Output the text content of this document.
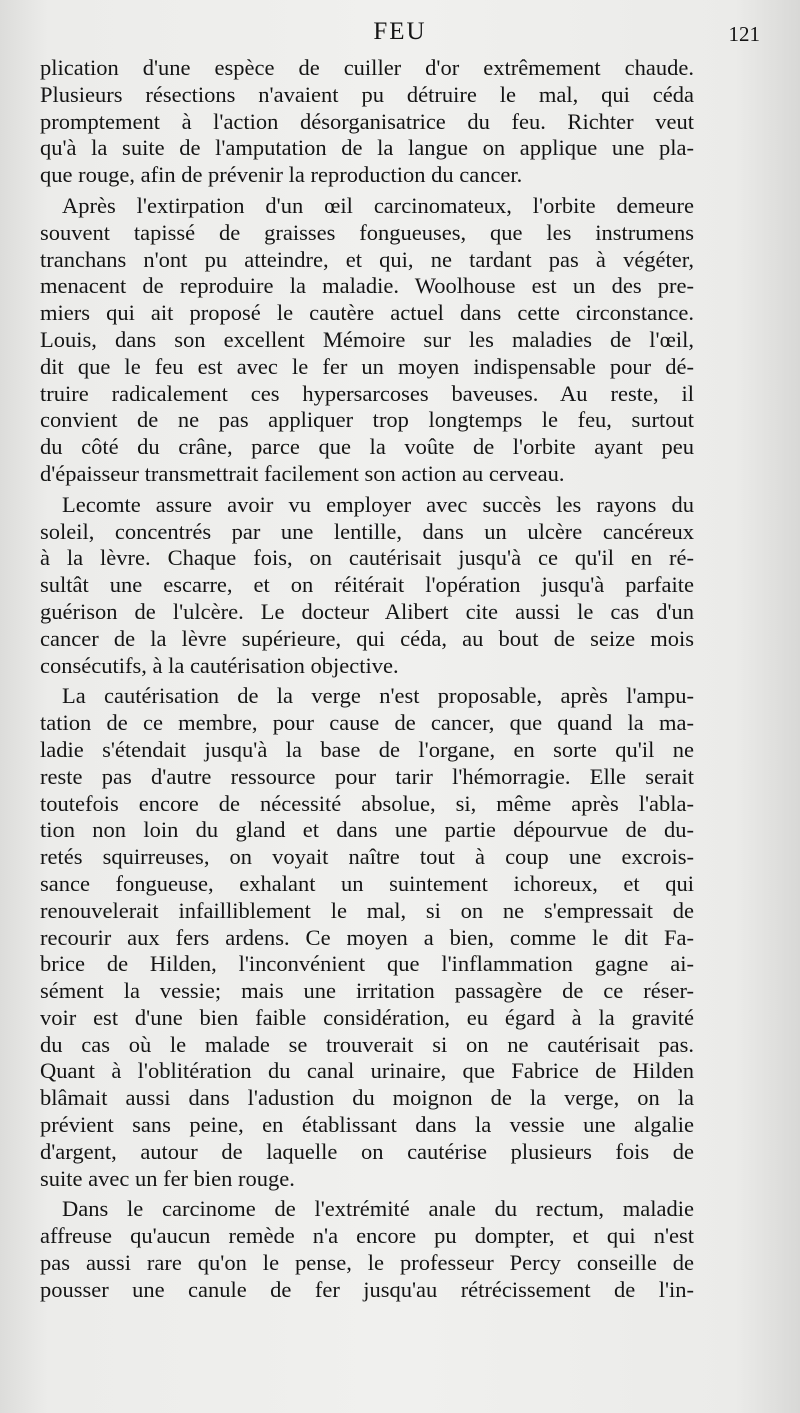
FEU	121
plication d'une espèce de cuiller d'or extrêmement chaude.
Plusieurs résections n'avaient pu détruire le mal, qui céda
promptement à l'action désorganisatrice du feu. Richter veut
qu'à la suite de l'amputation de la langue on applique une pla-
que rouge, afin de prévenir la reproduction du cancer.
Après l'extirpation d'un œil carcinomateux, l'orbite demeure
souvent tapissé de graisses fongueuses, que les instrumens
tranchans n'ont pu atteindre, et qui, ne tardant pas à végéter,
menacent de reproduire la maladie. Woolhouse est un des pre-
miers qui ait proposé le cautère actuel dans cette circonstance.
Louis, dans son excellent Mémoire sur les maladies de l'œil,
dit que le feu est avec le fer un moyen indispensable pour dé-
truire radicalement ces hypersarcoses baveuses. Au reste, il
convient de ne pas appliquer trop longtemps le feu, surtout
du côté du crâne, parce que la voûte de l'orbite ayant peu
d'épaisseur transmettrait facilement son action au cerveau.
Lecomte assure avoir vu employer avec succès les rayons du
soleil, concentrés par une lentille, dans un ulcère cancéreux
à la lèvre. Chaque fois, on cautérisait jusqu'à ce qu'il en ré-
sultât une escarre, et on réitérait l'opération jusqu'à parfaite
guérison de l'ulcère. Le docteur Alibert cite aussi le cas d'un
cancer de la lèvre supérieure, qui céda, au bout de seize mois
consécutifs, à la cautérisation objective.
La cautérisation de la verge n'est proposable, après l'ampu-
tation de ce membre, pour cause de cancer, que quand la ma-
ladie s'étendait jusqu'à la base de l'organe, en sorte qu'il ne
reste pas d'autre ressource pour tarir l'hémorragie. Elle serait
toutefois encore de nécessité absolue, si, même après l'abla-
tion non loin du gland et dans une partie dépourvue de du-
retés squirreuses, on voyait naître tout à coup une excrois-
sance fongueuse, exhalant un suintement ichoreux, et qui
renouvelerait infailliblement le mal, si on ne s'empressait de
recourir aux fers ardens. Ce moyen a bien, comme le dit Fa-
brice de Hilden, l'inconvénient que l'inflammation gagne ai-
sément la vessie; mais une irritation passagère de ce réser-
voir est d'une bien faible considération, eu égard à la gravité
du cas où le malade se trouverait si on ne cautérisait pas.
Quant à l'oblitération du canal urinaire, que Fabrice de Hilden
blâmait aussi dans l'adustion du moignon de la verge, on la
prévient sans peine, en établissant dans la vessie une algalie
d'argent, autour de laquelle on cautérise plusieurs fois de
suite avec un fer bien rouge.
Dans le carcinome de l'extrémité anale du rectum, maladie
affreuse qu'aucun remède n'a encore pu dompter, et qui n'est
pas aussi rare qu'on le pense, le professeur Percy conseille de
pousser une canule de fer jusqu'au rétrécissement de l'in-
